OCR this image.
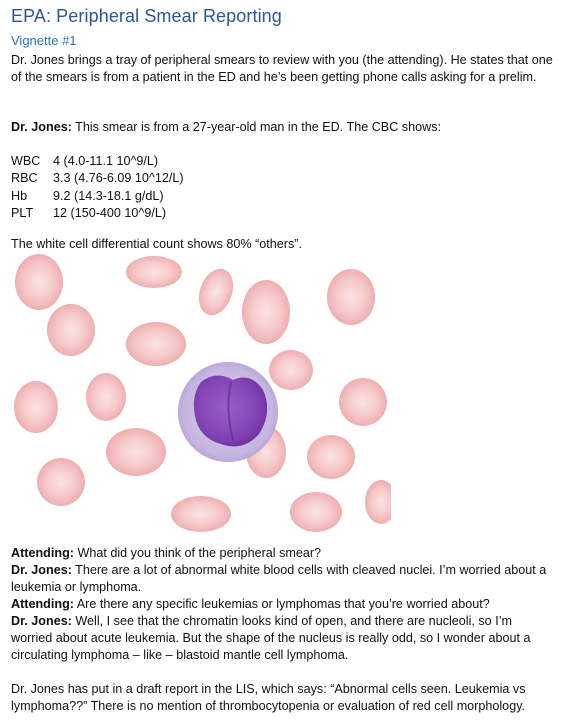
EPA: Peripheral Smear Reporting
Vignette #1
Dr. Jones brings a tray of peripheral smears to review with you (the attending). He states that one of the smears is from a patient in the ED and he’s been getting phone calls asking for a prelim.
Dr. Jones: This smear is from a 27-year-old man in the ED. The CBC shows:
WBC	4 (4.0-11.1 10^9/L)
RBC	3.3 (4.76-6.09 10^12/L)
Hb	9.2 (14.3-18.1 g/dL)
PLT	12 (150-400 10^9/L)
The white cell differential count shows 80% “others”.
Attending: What did you think of the peripheral smear?
Dr. Jones: There are a lot of abnormal white blood cells with cleaved nuclei. I’m worried about a leukemia or lymphoma.
Attending: Are there any specific leukemias or lymphomas that you’re worried about?
Dr. Jones: Well, I see that the chromatin looks kind of open, and there are nucleoli, so I’m worried about acute leukemia. But the shape of the nucleus is really odd, so I wonder about a circulating lymphoma – like – blastoid mantle cell lymphoma.
Dr. Jones has put in a draft report in the LIS, which says: “Abnormal cells seen. Leukemia vs lymphoma??” There is no mention of thrombocytopenia or evaluation of red cell morphology.
